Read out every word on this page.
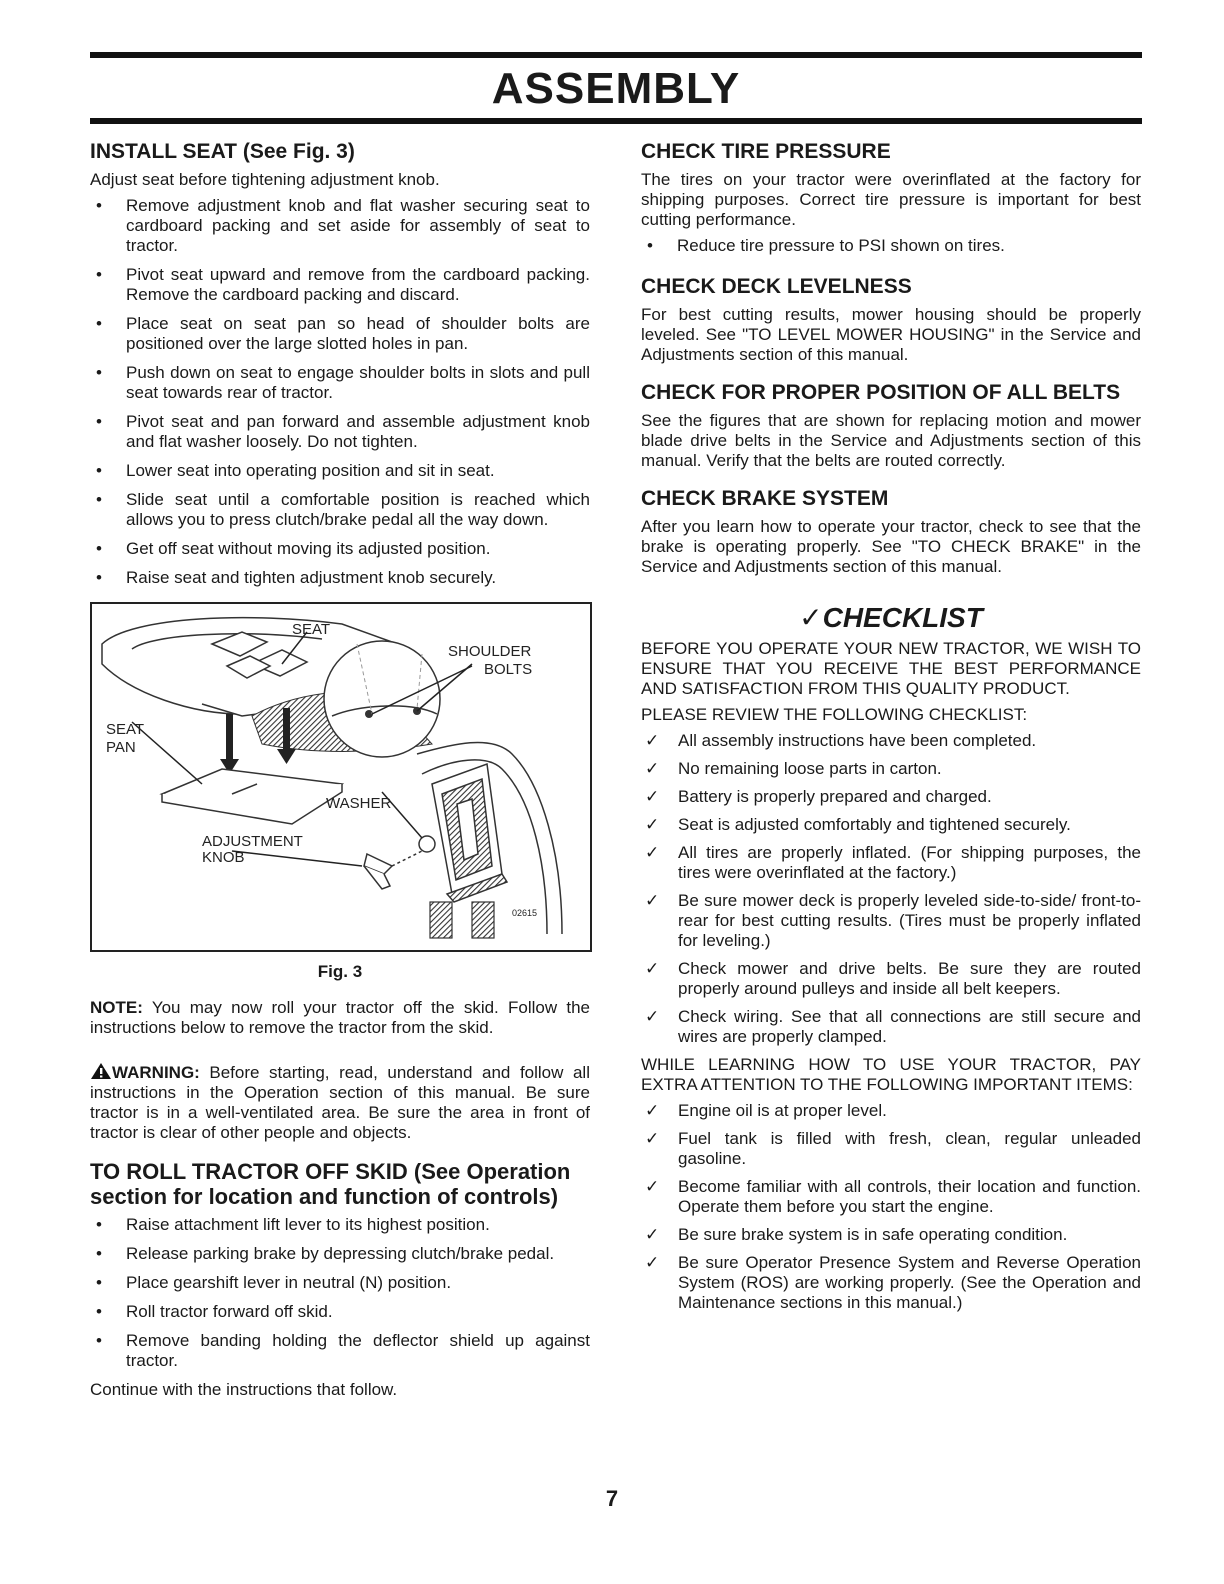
ASSEMBLY
INSTALL SEAT (See Fig. 3)

Adjust seat before tightening adjustment knob.

• Remove adjustment knob and flat washer securing seat to cardboard packing and set aside for assembly of seat to tractor.
• Pivot seat upward and remove from the cardboard packing. Remove the cardboard packing and discard.
• Place seat on seat pan so head of shoulder bolts are positioned over the large slotted holes in pan.
• Push down on seat to engage shoulder bolts in slots and pull seat towards rear of tractor.
• Pivot seat and pan forward and assemble adjustment knob and flat washer loosely. Do not tighten.
• Lower seat into operating position and sit in seat.
• Slide seat until a comfortable position is reached which allows you to press clutch/brake pedal all the way down.
• Get off seat without moving its adjusted position.
• Raise seat and tighten adjustment knob securely.
SEAT
SHOULDER
BOLTS
SEAT
PAN
WASHER
ADJUSTMENT
KNOB
02615
Fig. 3

NOTE: You may now roll your tractor off the skid. Follow the instructions below to remove the tractor from the skid.

WARNING: Before starting, read, understand and follow all instructions in the Operation section of this manual. Be sure tractor is in a well-ventilated area. Be sure the area in front of tractor is clear of other people and objects.

TO ROLL TRACTOR OFF SKID (See Operation section for location and function of controls)
• Raise attachment lift lever to its highest position.
• Release parking brake by depressing clutch/brake pedal.
• Place gearshift lever in neutral (N) position.
• Roll tractor forward off skid.
• Remove banding holding the deflector shield up against tractor.

Continue with the instructions that follow.

CHECK TIRE PRESSURE

The tires on your tractor were overinflated at the factory for shipping purposes. Correct tire pressure is important for best cutting performance.

• Reduce tire pressure to PSI shown on tires.
CHECK DECK LEVELNESS

For best cutting results, mower housing should be properly leveled. See "TO LEVEL MOWER HOUSING" in the Service and Adjustments section of this manual.

CHECK FOR PROPER POSITION OF ALL BELTS

See the figures that are shown for replacing motion and mower blade drive belts in the Service and Adjustments section of this manual. Verify that the belts are routed correctly.

CHECK BRAKE SYSTEM

After you learn how to operate your tractor, check to see that the brake is operating properly. See "TO CHECK BRAKE" in the Service and Adjustments section of this manual.

✓CHECKLIST

BEFORE YOU OPERATE YOUR NEW TRACTOR, WE WISH TO ENSURE THAT YOU RECEIVE THE BEST PERFORMANCE AND SATISFACTION FROM THIS QUALITY PRODUCT.

PLEASE REVIEW THE FOLLOWING CHECKLIST:

✓ All assembly instructions have been completed.
✓ No remaining loose parts in carton.
✓ Battery is properly prepared and charged.
✓ Seat is adjusted comfortably and tightened securely.
✓ All tires are properly inflated. (For shipping purposes, the tires were overinflated at the factory.)
✓ Be sure mower deck is properly leveled side-to-side/ front-to-rear for best cutting results. (Tires must be properly inflated for leveling.)
✓ Check mower and drive belts. Be sure they are routed properly around pulleys and inside all belt keepers.
✓ Check wiring. See that all connections are still secure and wires are properly clamped.

WHILE LEARNING HOW TO USE YOUR TRACTOR, PAY EXTRA ATTENTION TO THE FOLLOWING IMPORTANT ITEMS:

✓ Engine oil is at proper level.
✓ Fuel tank is filled with fresh, clean, regular unleaded gasoline.
✓ Become familiar with all controls, their location and function. Operate them before you start the engine.
✓ Be sure brake system is in safe operating condition.
✓ Be sure Operator Presence System and Reverse Operation System (ROS) are working properly. (See the Operation and Maintenance sections in this manual.)
7
